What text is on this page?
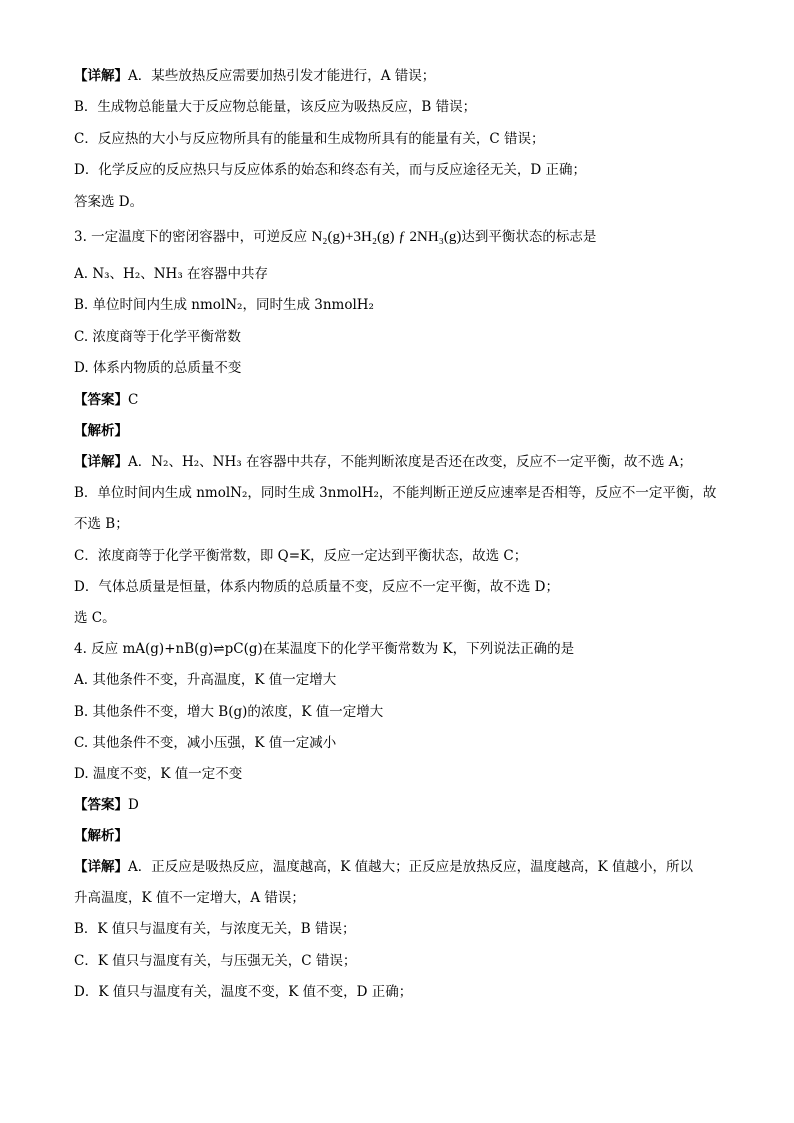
【详解】A．某些放热反应需要加热引发才能进行，A 错误；
B．生成物总能量大于反应物总能量，该反应为吸热反应，B 错误；
C．反应热的大小与反应物所具有的能量和生成物所具有的能量有关，C 错误；
D．化学反应的反应热只与反应体系的始态和终态有关，而与反应途径无关，D 正确；
答案选 D。
3. 一定温度下的密闭容器中，可逆反应 N₂(g)+3H₂(g) ƒ 2NH₃(g)达到平衡状态的标志是
A. N₃、H₂、NH₃ 在容器中共存
B. 单位时间内生成 nmolN₂，同时生成 3nmolH₂
C. 浓度商等于化学平衡常数
D. 体系内物质的总质量不变
【答案】C
【解析】
【详解】A．N₂、H₂、NH₃ 在容器中共存，不能判断浓度是否还在改变，反应不一定平衡，故不选 A；
B．单位时间内生成 nmolN₂，同时生成 3nmolH₂，不能判断正逆反应速率是否相等，反应不一定平衡，故
不选 B；
C．浓度商等于化学平衡常数，即 Q=K，反应一定达到平衡状态，故选 C；
D．气体总质量是恒量，体系内物质的总质量不变，反应不一定平衡，故不选 D；
选 C。
4. 反应 mA(g)+nB(g)⇌pC(g)在某温度下的化学平衡常数为 K，下列说法正确的是
A. 其他条件不变，升高温度，K 值一定增大
B. 其他条件不变，增大 B(g)的浓度，K 值一定增大
C. 其他条件不变，减小压强，K 值一定减小
D. 温度不变，K 值一定不变
【答案】D
【解析】
【详解】A．正反应是吸热反应，温度越高，K 值越大；正反应是放热反应，温度越高，K 值越小，所以
升高温度，K 值不一定增大，A 错误；
B．K 值只与温度有关，与浓度无关，B 错误；
C．K 值只与温度有关，与压强无关，C 错误；
D．K 值只与温度有关，温度不变，K 值不变，D 正确；
